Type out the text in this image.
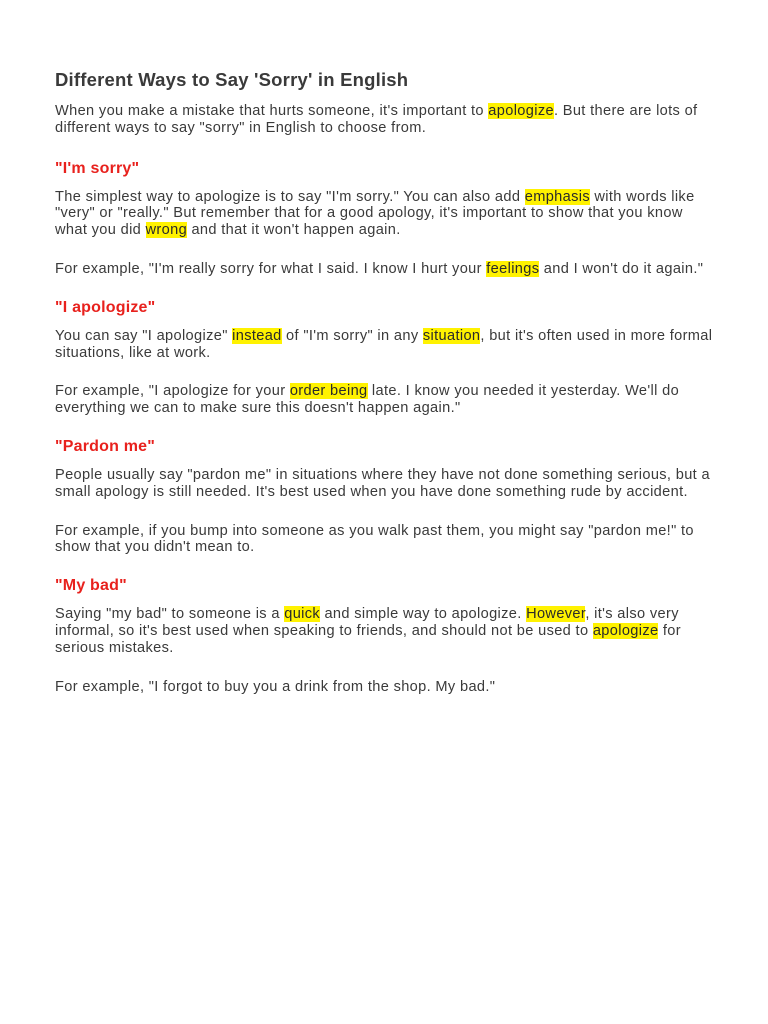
Different Ways to Say 'Sorry' in English

When you make a mistake that hurts someone, it's important to apologize. But there are lots of different ways to say "sorry" in English to choose from.

"I'm sorry"

The simplest way to apologize is to say "I'm sorry." You can also add emphasis with words like "very" or "really." But remember that for a good apology, it's important to show that you know what you did wrong and that it won't happen again.

For example, "I'm really sorry for what I said. I know I hurt your feelings and I won't do it again."

"I apologize"

You can say "I apologize" instead of "I'm sorry" in any situation, but it's often used in more formal situations, like at work.

For example, "I apologize for your order being late. I know you needed it yesterday. We'll do everything we can to make sure this doesn't happen again."

"Pardon me"

People usually say "pardon me" in situations where they have not done something serious, but a small apology is still needed. It's best used when you have done something rude by accident.

For example, if you bump into someone as you walk past them, you might say "pardon me!" to show that you didn't mean to.

"My bad"

Saying "my bad" to someone is a quick and simple way to apologize. However, it's also very informal, so it's best used when speaking to friends, and should not be used to apologize for serious mistakes.

For example, "I forgot to buy you a drink from the shop. My bad."
